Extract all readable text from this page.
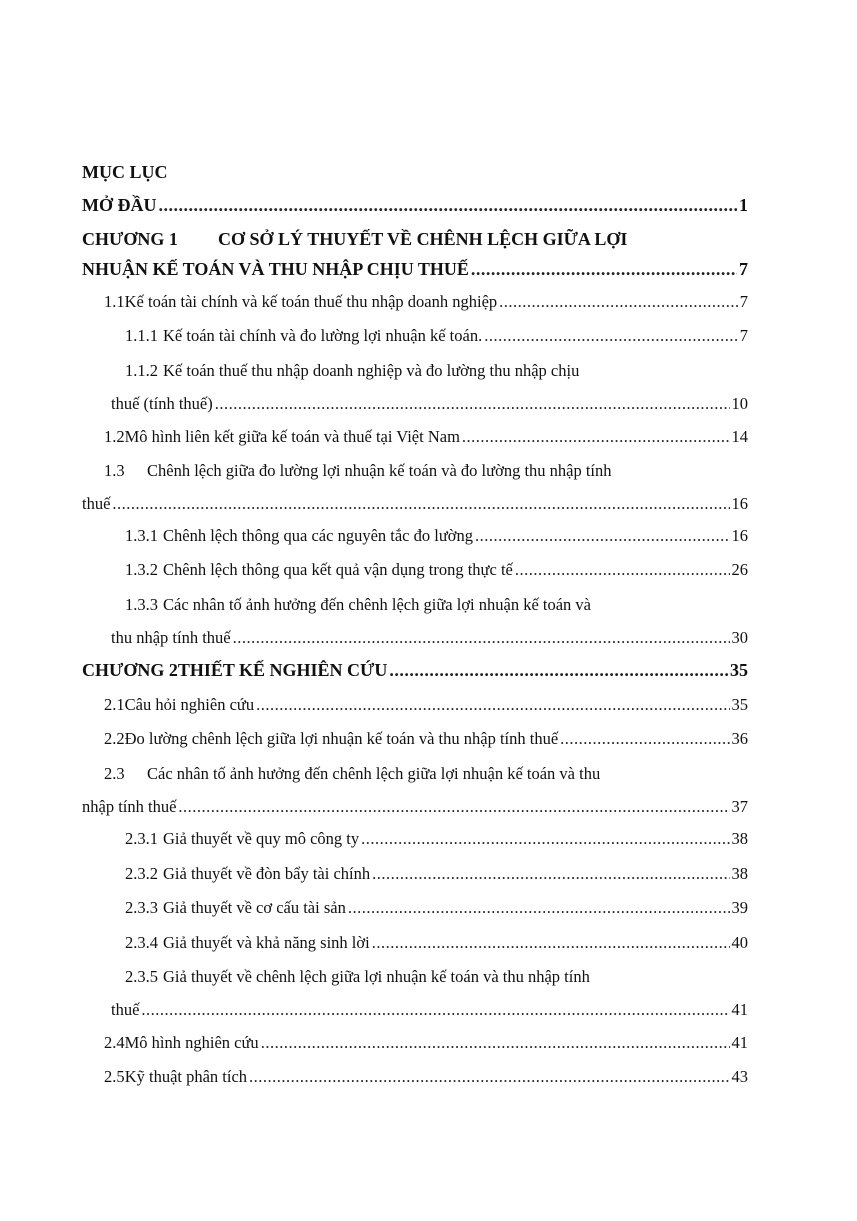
MỤC LỤC
MỞ ĐẦU .....	1
CHƯƠNG 1	CƠ SỞ LÝ THUYẾT VỀ CHÊNH LỆCH GIỮA LỢI
NHUẬN KẾ TOÁN VÀ THU NHẬP CHỊU THUẾ .....	7
1.1 Kế toán tài chính và kế toán thuế thu nhập doanh nghiệp .....	7
1.1.1 Kế toán tài chính và đo lường lợi nhuận kế toán. .....	7
1.1.2 Kế toán thuế thu nhập doanh nghiệp và đo lường thu nhập chịu
thuế (tính thuế) .....	10
1.2 Mô hình liên kết giữa kế toán và thuế tại Việt Nam .....	14
1.3	Chênh lệch giữa đo lường lợi nhuận kế toán và đo lường thu nhập tính
thuế .....	16
1.3.1 Chênh lệch thông qua các nguyên tắc đo lường .....	16
1.3.2 Chênh lệch thông qua kết quả vận dụng trong thực tế .....	26
1.3.3 Các nhân tố ảnh hưởng đến chênh lệch giữa lợi nhuận kế toán và
thu nhập tính thuế .....	30
CHƯƠNG 2 THIẾT KẾ NGHIÊN CỨU .....	35
2.1 Câu hỏi nghiên cứu .....	35
2.2 Đo lường chênh lệch giữa lợi nhuận kế toán và thu nhập tính thuế .....	36
2.3	Các nhân tố ảnh hưởng đến chênh lệch giữa lợi nhuận kế toán và thu
nhập tính thuế .....	37
2.3.1 Giả thuyết về quy mô công ty .....	38
2.3.2 Giả thuyết về đòn bẩy tài chính .....	38
2.3.3 Giả thuyết về cơ cấu tài sản .....	39
2.3.4 Giả thuyết và khả năng sinh lời .....	40
2.3.5 Giả thuyết về chênh lệch giữa lợi nhuận kế toán và thu nhập tính
thuế .....	41
2.4 Mô hình nghiên cứu .....	41
2.5 Kỹ thuật phân tích .....	43
